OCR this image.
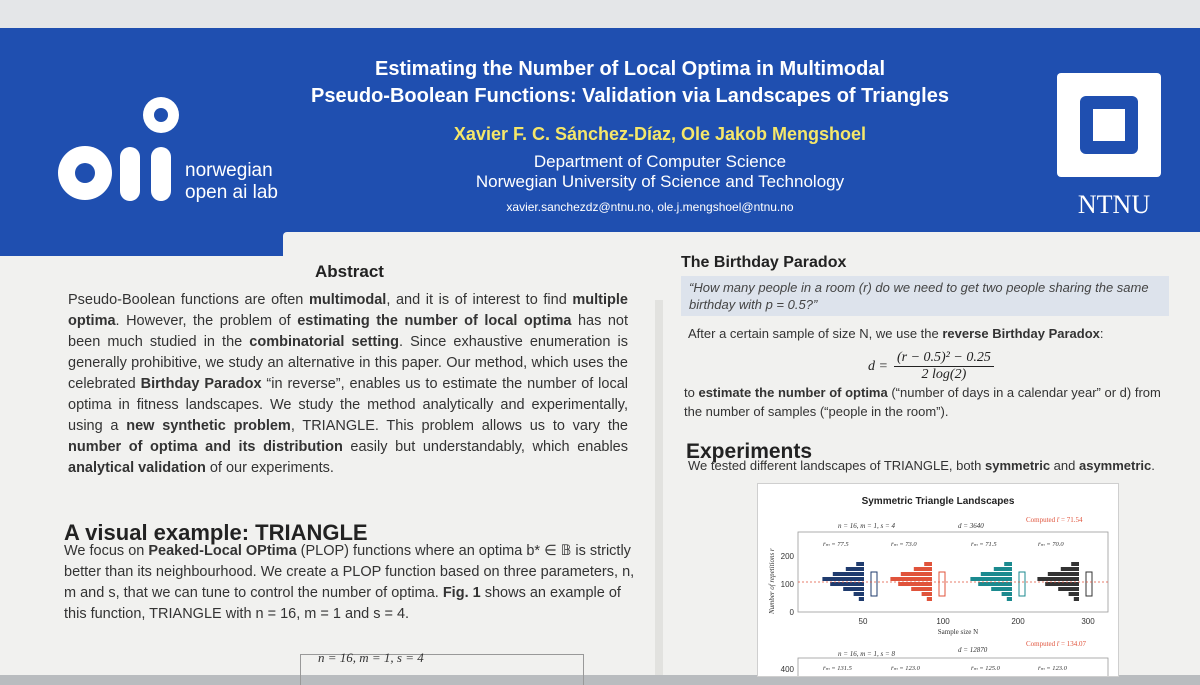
norwegian
open ai lab
Estimating the Number of Local Optima in Multimodal
Pseudo-Boolean Functions: Validation via Landscapes of Triangles
Xavier F. C. Sánchez-Díaz, Ole Jakob Mengshoel
Department of Computer Science
Norwegian University of Science and Technology
xavier.sanchezdz@ntnu.no, ole.j.mengshoel@ntnu.no	NTNU
Abstract
Pseudo-Boolean functions are often multimodal, and it is of interest to find multiple optima. However, the problem of estimating the number of local optima has not been much studied in the combinatorial setting. Since exhaustive enumeration is generally prohibitive, we study an alternative in this paper. Our method, which uses the celebrated Birthday Paradox “in reverse”, enables us to estimate the number of local optima in fitness landscapes. We study the method analytically and experimentally, using a new synthetic problem, TRIANGLE. This problem allows us to vary the number of optima and its distribution easily but understandably, which enables analytical validation of our experiments.
A visual example: TRIANGLE

We focus on Peaked-Local OPtima (PLOP) functions where an optima b* ∈ 𝔹 is strictly better than its neighbourhood. We create a PLOP function based on three parameters, n, m and s, that we can tune to control the number of optima. Fig. 1 shows an example of this function, TRIANGLE with n = 16, m = 1 and s = 4.

n = 16, m = 1, s = 4
The Birthday Paradox
“How many people in a room (r) do we need to get two people sharing the same birthday with p = 0.5?”
After a certain sample of size N, we use the reverse Birthday Paradox:
$d = \frac{\text{(r − 0.5)² − 0.25}}{2 \log(2)}$
to estimate the number of optima (“number of days in a calendar year” or d) from the number of samples (“people in the room”).
Experiments
We tested different landscapes of TRIANGLE, both symmetric and asymmetric.
Symmetric Triangle Landscapes
n = 16, m = 1, s = 4	d = 3640
Computed r̄ = 71.54
Number of repetitions r 200
100
0
50	100	200	300
Sample size N
r̄ₘ = 77.5	r̄ₘ = 73.0	r̄ₘ = 71.5	r̄ₘ = 70.0
n = 16, m = 1, s = 8	d = 12870
Computed r̄ = 134.07
400	r̄ₘ = 131.5	r̄ₘ = 123.0	r̄ₘ = 125.0	r̄ₘ = 123.0
